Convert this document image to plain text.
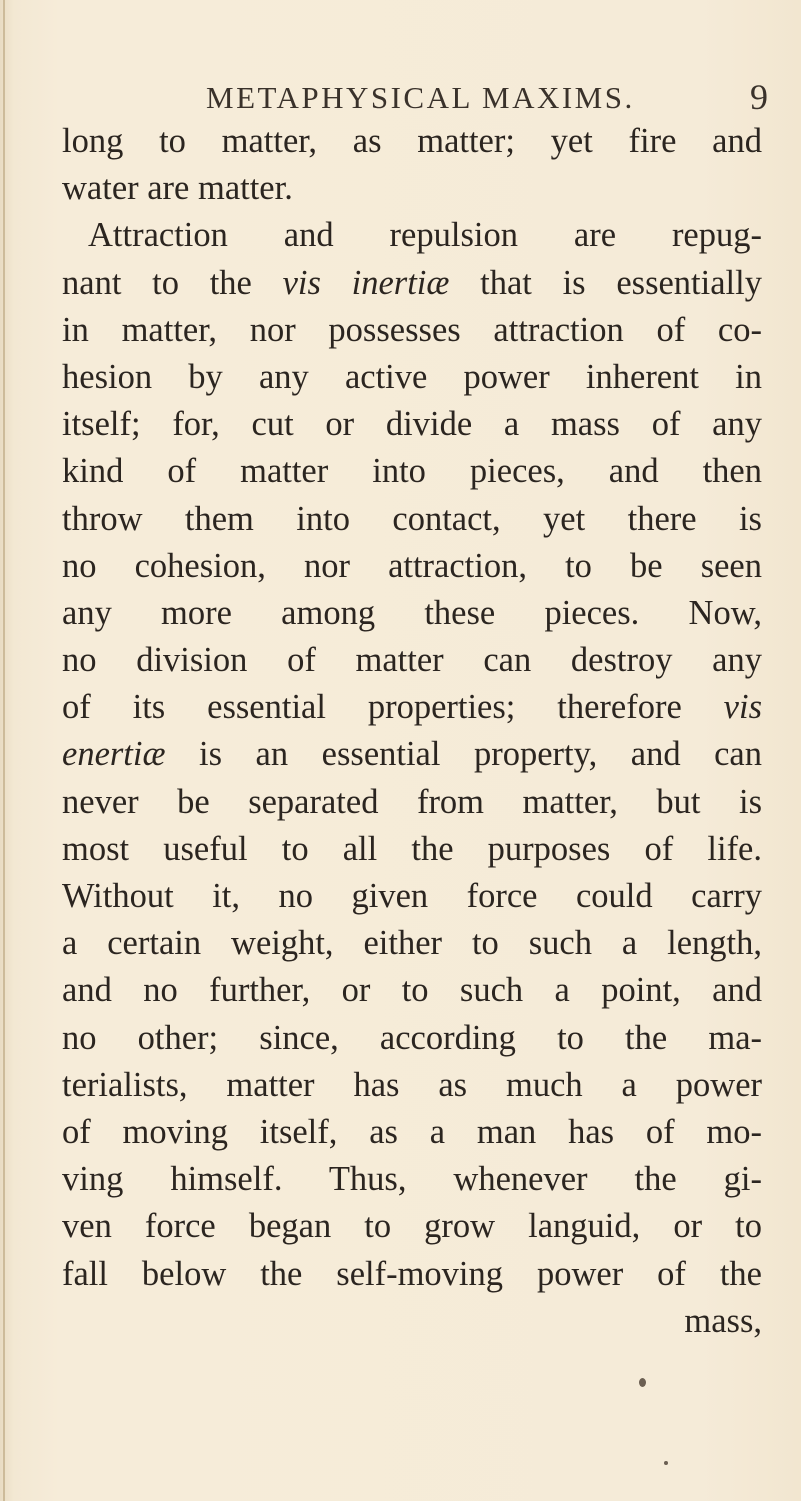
METAPHYSICAL MAXIMS.	9
long to matter, as matter; yet fire and
water are matter.
Attraction and repulsion are repug-
nant to the vis inertiæ that is essentially
in matter, nor possesses attraction of co-
hesion by any active power inherent in
itself; for, cut or divide a mass of any
kind of matter into pieces, and then
throw them into contact, yet there is
no cohesion, nor attraction, to be seen
any more among these pieces. Now,
no division of matter can destroy any
of its essential properties; therefore vis
enertiæ is an essential property, and can
never be separated from matter, but is
most useful to all the purposes of life.
Without it, no given force could carry
a certain weight, either to such a length,
and no further, or to such a point, and
no other; since, according to the ma-
terialists, matter has as much a power
of moving itself, as a man has of mo-
ving himself. Thus, whenever the gi-
ven force began to grow languid, or to
fall below the self-moving power of the
mass,
